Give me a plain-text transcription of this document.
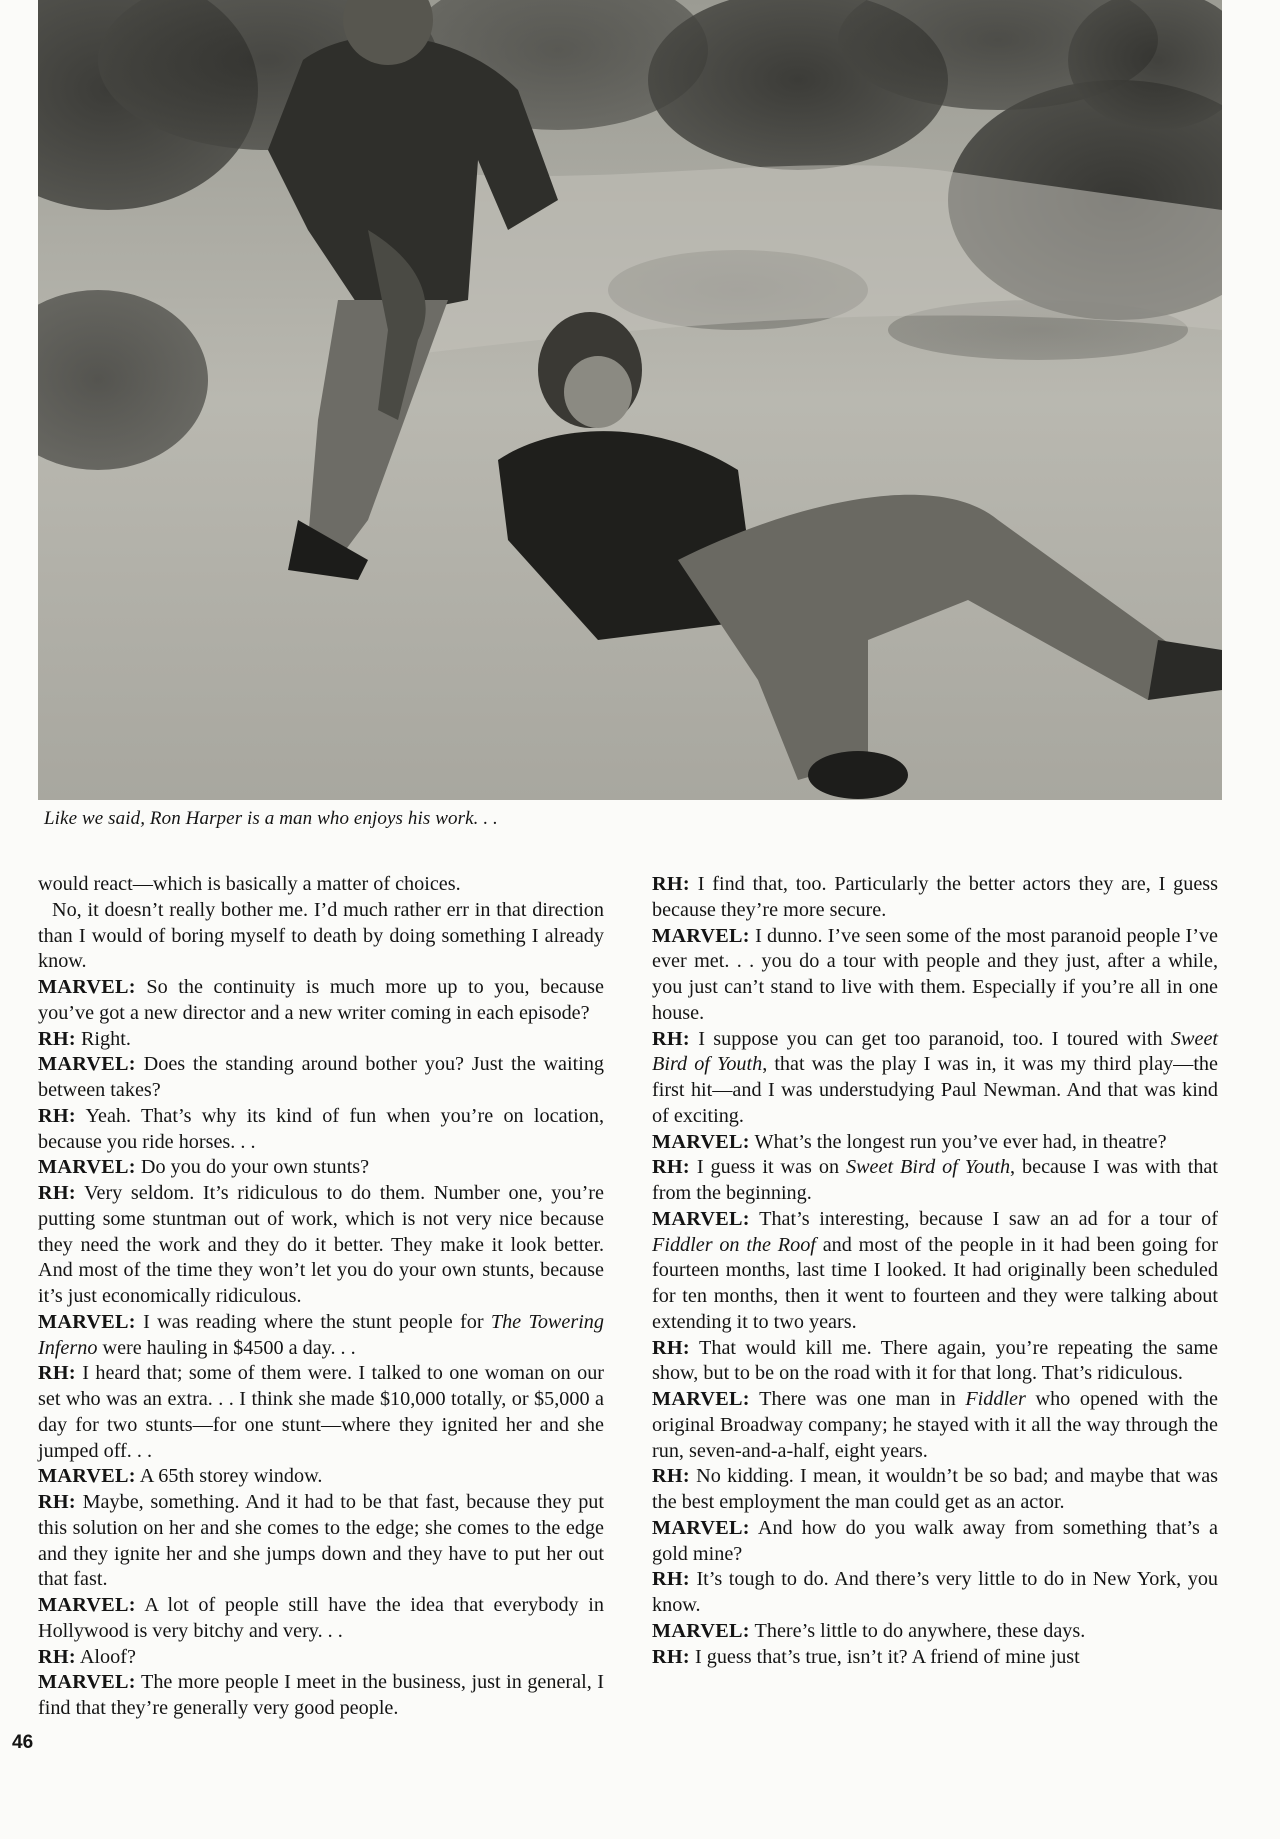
Like we said, Ron Harper is a man who enjoys his work. . .

would react—which is basically a matter of choices.

No, it doesn’t really bother me. I’d much rather err in that direction than I would of boring myself to death by doing something I already know.

MARVEL: So the continuity is much more up to you, because you’ve got a new director and a new writer coming in each episode?

RH: Right.

MARVEL: Does the standing around bother you? Just the waiting between takes?

RH: Yeah. That’s why its kind of fun when you’re on location, because you ride horses. . .

MARVEL: Do you do your own stunts?

RH: Very seldom. It’s ridiculous to do them. Number one, you’re putting some stuntman out of work, which is not very nice because they need the work and they do it better. They make it look better. And most of the time they won’t let you do your own stunts, because it’s just economically ridiculous.

MARVEL: I was reading where the stunt people for The Towering Inferno were hauling in $4500 a day. . .

RH: I heard that; some of them were. I talked to one woman on our set who was an extra. . . I think she made $10,000 totally, or $5,000 a day for two stunts—for one stunt—where they ignited her and she jumped off. . .

MARVEL: A 65th storey window.

RH: Maybe, something. And it had to be that fast, because they put this solution on her and she comes to the edge; she comes to the edge and they ignite her and she jumps down and they have to put her out that fast.

MARVEL: A lot of people still have the idea that everybody in Hollywood is very bitchy and very. . .

RH: Aloof?

MARVEL: The more people I meet in the business, just in general, I find that they’re generally very good people.

RH: I find that, too. Particularly the better actors they are, I guess because they’re more secure.

MARVEL: I dunno. I’ve seen some of the most paranoid people I’ve ever met. . . you do a tour with people and they just, after a while, you just can’t stand to live with them. Especially if you’re all in one house.

RH: I suppose you can get too paranoid, too. I toured with Sweet Bird of Youth, that was the play I was in, it was my third play—the first hit—and I was understudying Paul Newman. And that was kind of exciting.

MARVEL: What’s the longest run you’ve ever had, in theatre?

RH: I guess it was on Sweet Bird of Youth, because I was with that from the beginning.

MARVEL: That’s interesting, because I saw an ad for a tour of Fiddler on the Roof and most of the people in it had been going for fourteen months, last time I looked. It had originally been scheduled for ten months, then it went to fourteen and they were talking about extending it to two years.

RH: That would kill me. There again, you’re repeating the same show, but to be on the road with it for that long. That’s ridiculous.

MARVEL: There was one man in Fiddler who opened with the original Broadway company; he stayed with it all the way through the run, seven-and-a-half, eight years.

RH: No kidding. I mean, it wouldn’t be so bad; and maybe that was the best employment the man could get as an actor.

MARVEL: And how do you walk away from something that’s a gold mine?

RH: It’s tough to do. And there’s very little to do in New York, you know.

MARVEL: There’s little to do anywhere, these days.

RH: I guess that’s true, isn’t it? A friend of mine just

46
